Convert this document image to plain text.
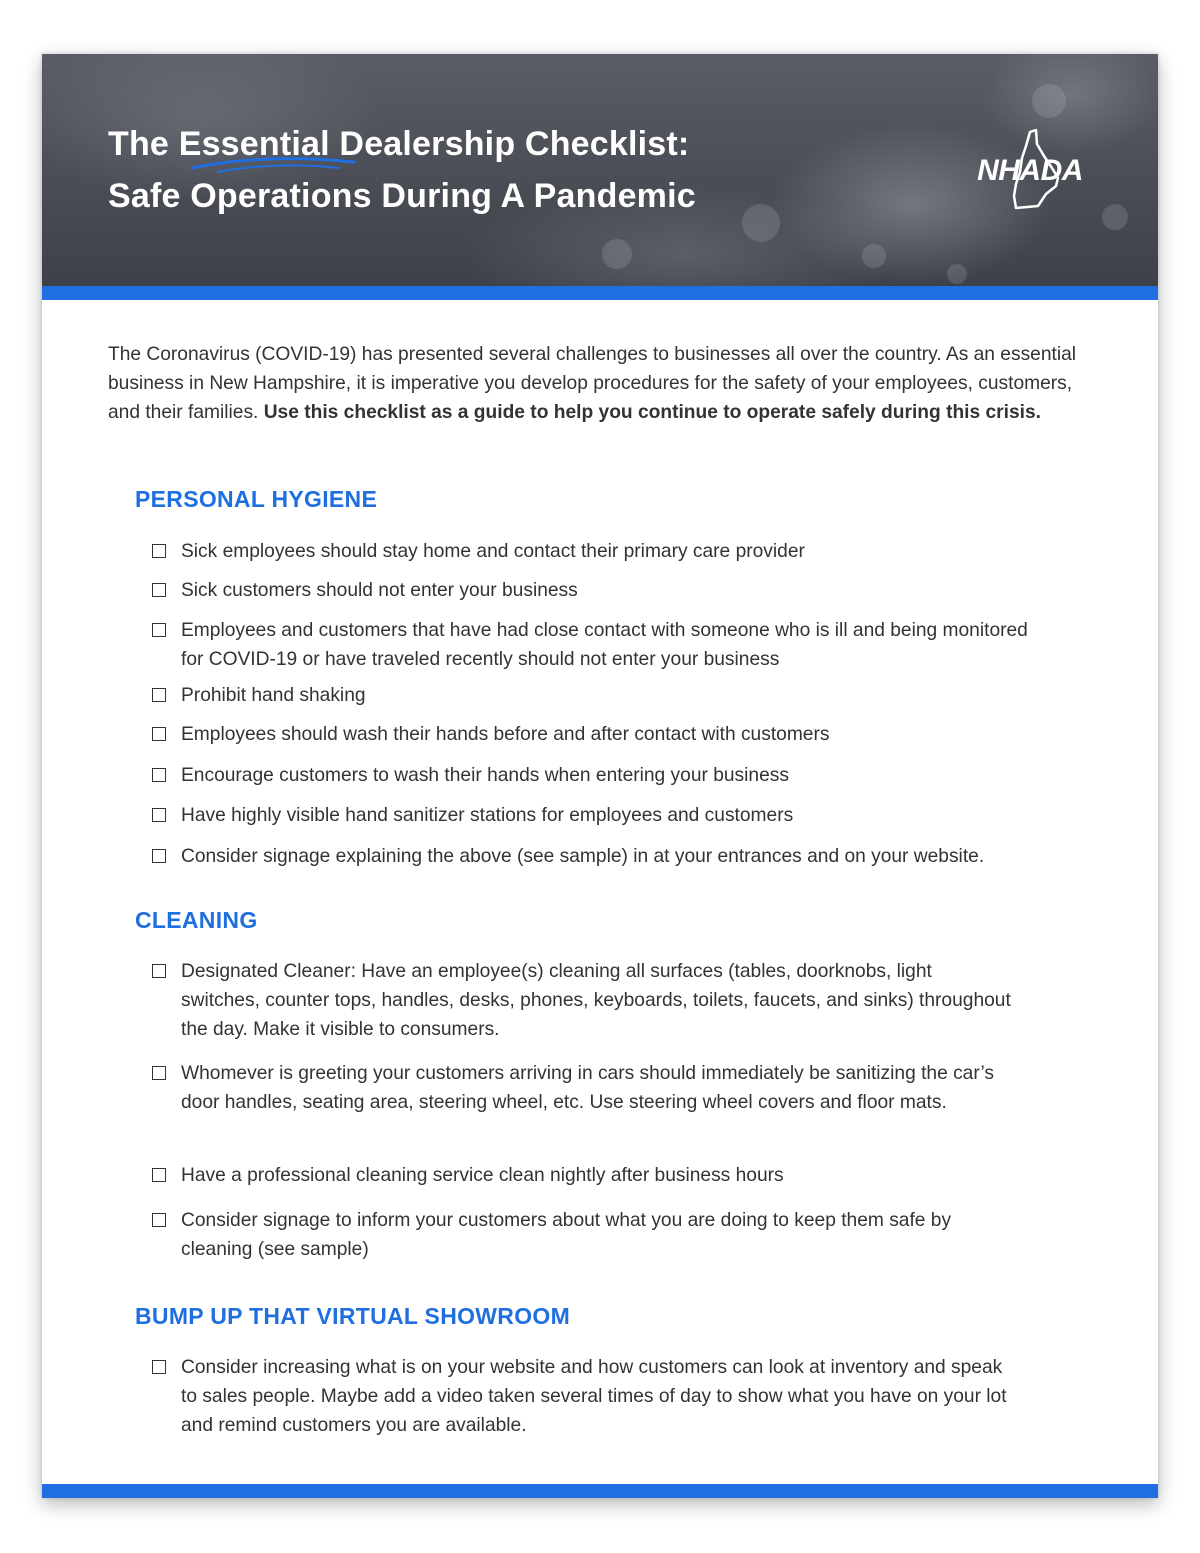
The Essential Dealership Checklist:
Safe Operations During A Pandemic
NHADA

The Coronavirus (COVID-19) has presented several challenges to businesses all over the country. As an essential business in New Hampshire, it is imperative you develop procedures for the safety of your employees, customers, and their families. Use this checklist as a guide to help you continue to operate safely during this crisis.

PERSONAL HYGIENE
Sick employees should stay home and contact their primary care provider
Sick customers should not enter your business
Employees and customers that have had close contact with someone who is ill and being monitored for COVID-19 or have traveled recently should not enter your business
Prohibit hand shaking
Employees should wash their hands before and after contact with customers
Encourage customers to wash their hands when entering your business
Have highly visible hand sanitizer stations for employees and customers
Consider signage explaining the above (see sample) in at your entrances and on your website.
CLEANING
Designated Cleaner: Have an employee(s) cleaning all surfaces (tables, doorknobs, light switches, counter tops, handles, desks, phones, keyboards, toilets, faucets, and sinks) throughout the day. Make it visible to consumers.
Whomever is greeting your customers arriving in cars should immediately be sanitizing the car’s door handles, seating area, steering wheel, etc. Use steering wheel covers and floor mats.
Have a professional cleaning service clean nightly after business hours
Consider signage to inform your customers about what you are doing to keep them safe by cleaning (see sample)
BUMP UP THAT VIRTUAL SHOWROOM
Consider increasing what is on your website and how customers can look at inventory and speak to sales people. Maybe add a video taken several times of day to show what you have on your lot and remind customers you are available.
